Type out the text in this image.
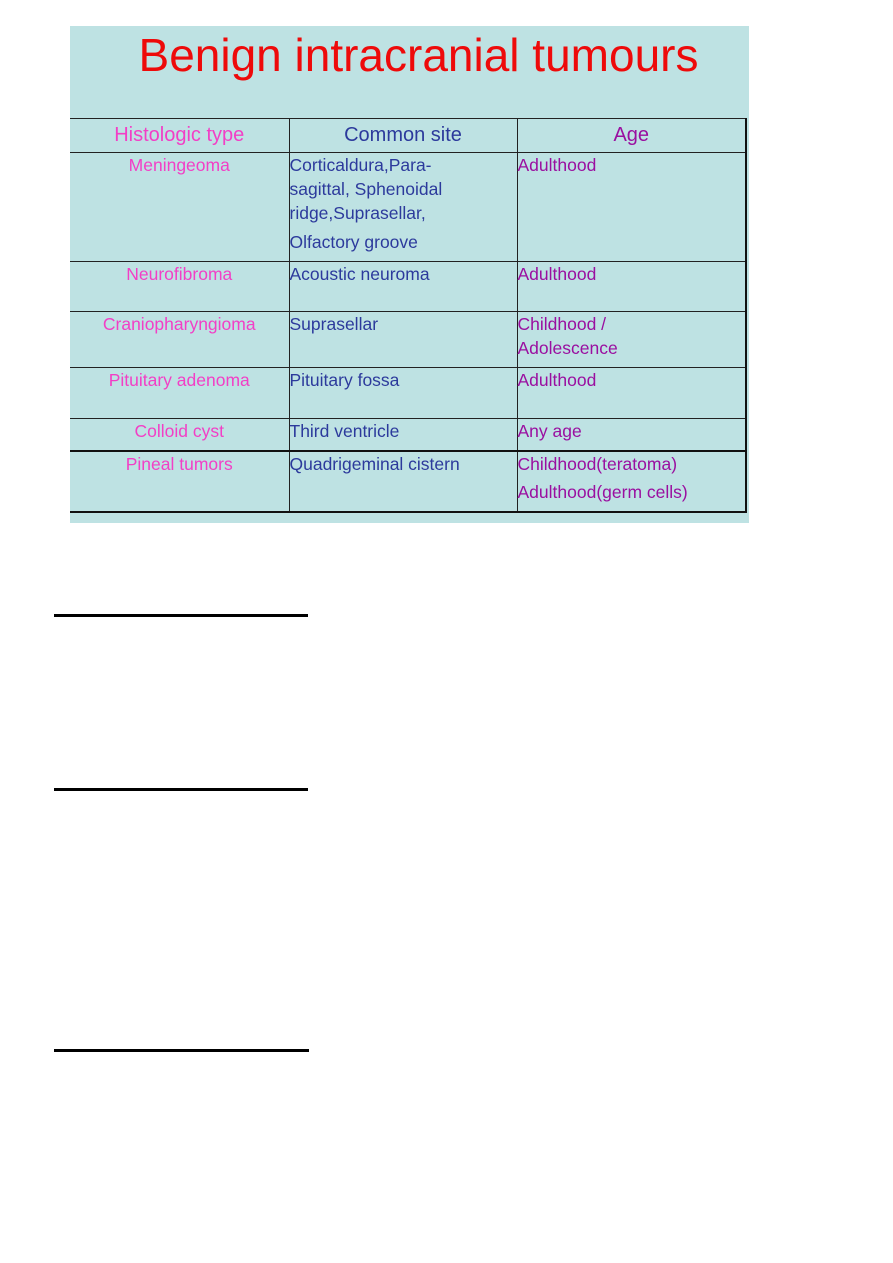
Benign intracranial tumours
Histologic type	Common site	Age
Meningeoma	Corticaldura,Para-
sagittal, Sphenoidal
ridge,Suprasellar,
Olfactory groove	Adulthood

Neurofibroma	Acoustic neuroma	Adulthood

Craniopharyngioma	Suprasellar	Childhood /
Adolescence

Pituitary adenoma	Pituitary fossa	Adulthood

Colloid cyst	Third ventricle	Any age

Pineal tumors	Quadrigeminal cistern	Childhood(teratoma)
Adulthood(germ cells)
